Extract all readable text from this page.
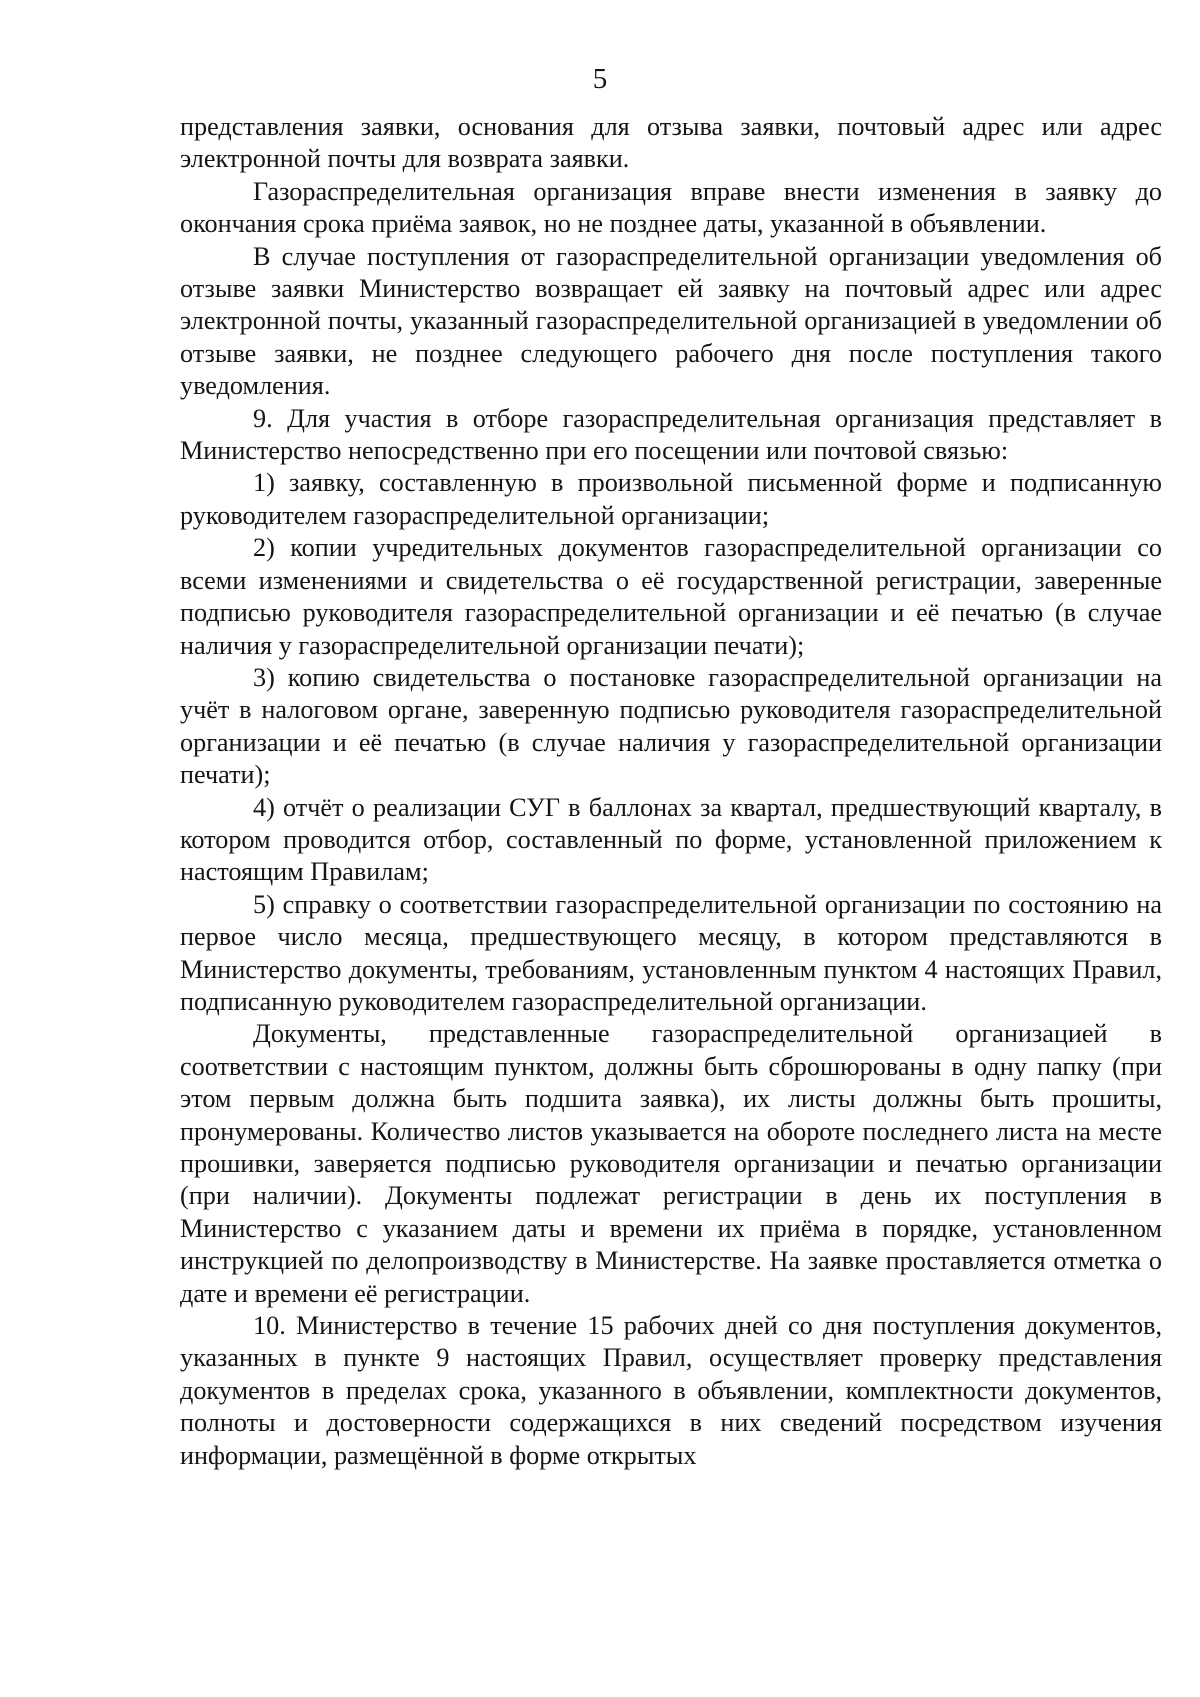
5

представления заявки, основания для отзыва заявки, почтовый адрес или адрес электронной почты для возврата заявки.

Газораспределительная организация вправе внести изменения в заявку до окончания срока приёма заявок, но не позднее даты, указанной в объявлении.

В случае поступления от газораспределительной организации уведомления об отзыве заявки Министерство возвращает ей заявку на почтовый адрес или адрес электронной почты, указанный газораспределительной организацией в уведомлении об отзыве заявки, не позднее следующего рабочего дня после поступления такого уведомления.

9. Для участия в отборе газораспределительная организация представляет в Министерство непосредственно при его посещении или почтовой связью:

1) заявку, составленную в произвольной письменной форме и подписанную руководителем газораспределительной организации;

2) копии учредительных документов газораспределительной организации со всеми изменениями и свидетельства о её государственной регистрации, заверенные подписью руководителя газораспределительной организации и её печатью (в случае наличия у газораспределительной организации печати);

3) копию свидетельства о постановке газораспределительной организации на учёт в налоговом органе, заверенную подписью руководителя газораспределительной организации и её печатью (в случае наличия у газораспределительной организации печати);

4) отчёт о реализации СУГ в баллонах за квартал, предшествующий кварталу, в котором проводится отбор, составленный по форме, установленной приложением к настоящим Правилам;

5) справку о соответствии газораспределительной организации по состоянию на первое число месяца, предшествующего месяцу, в котором представляются в Министерство документы, требованиям, установленным пунктом 4 настоящих Правил, подписанную руководителем газораспределительной организации.

Документы, представленные газораспределительной организацией в соответствии с настоящим пунктом, должны быть сброшюрованы в одну папку (при этом первым должна быть подшита заявка), их листы должны быть прошиты, пронумерованы. Количество листов указывается на обороте последнего листа на месте прошивки, заверяется подписью руководителя организации и печатью организации (при наличии). Документы подлежат регистрации в день их поступления в Министерство с указанием даты и времени их приёма в порядке, установленном инструкцией по делопроизводству в Министерстве. На заявке проставляется отметка о дате и времени её регистрации.

10. Министерство в течение 15 рабочих дней со дня поступления документов, указанных в пункте 9 настоящих Правил, осуществляет проверку представления документов в пределах срока, указанного в объявлении, комплектности документов, полноты и достоверности содержащихся в них сведений посредством изучения информации, размещённой в форме открытых
